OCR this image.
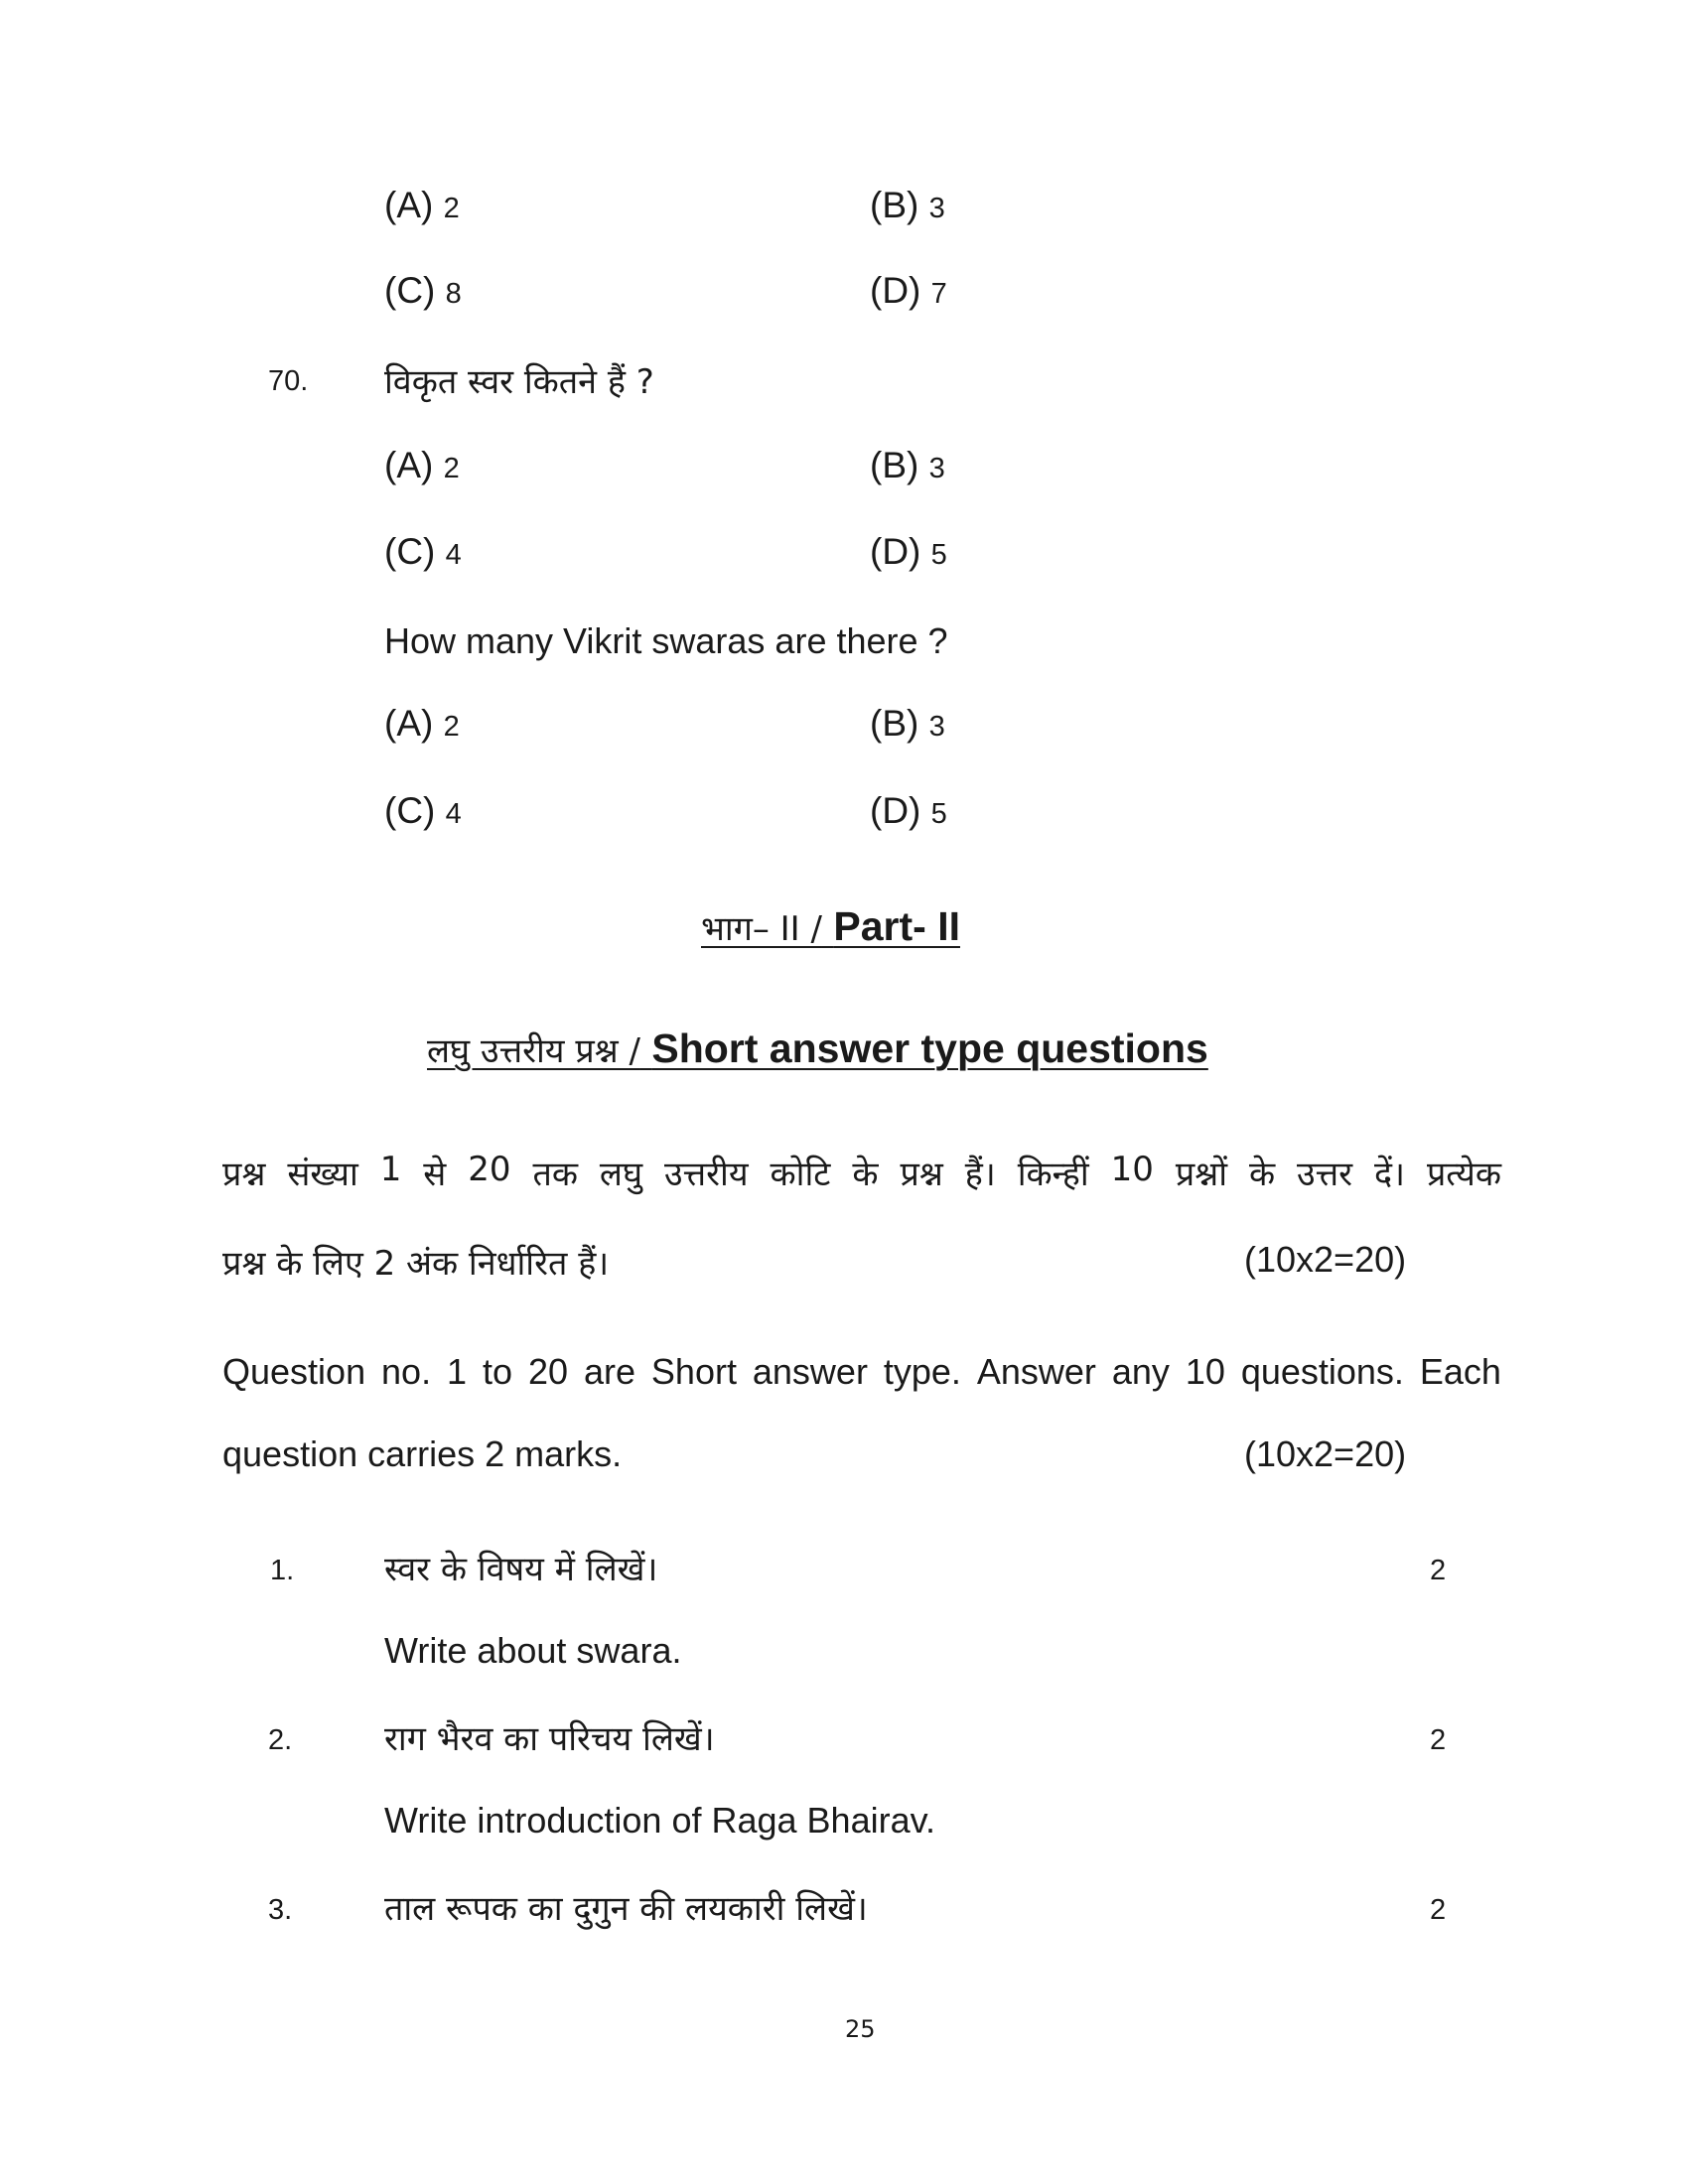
(A) 2	(B) 3
(C) 8	(D) 7
70. विकृत स्वर कितने हैं ?
(A) 2	(B) 3
(C) 4	(D) 5
How many Vikrit swaras are there ?
(A) 2	(B) 3
(C) 4	(D) 5
भाग– II / Part- II
लघु उत्तरीय प्रश्न / Short answer type questions
प्रश्न संख्या 1 से 20 तक लघु उत्तरीय कोटि के प्रश्न हैं। किन्हीं 10 प्रश्नों के उत्तर दें। प्रत्येक
प्रश्न के लिए 2 अंक निर्धारित हैं।	(10x2=20)
Question no. 1 to 20 are Short answer type. Answer any 10 questions. Each
question carries 2 marks.	(10x2=20)
1.	स्वर के विषय में लिखें।	2
Write about swara.
2.	राग भैरव का परिचय लिखें।	2
Write introduction of Raga Bhairav.
3.	ताल रूपक का दुगुन की लयकारी लिखें।	2
25
